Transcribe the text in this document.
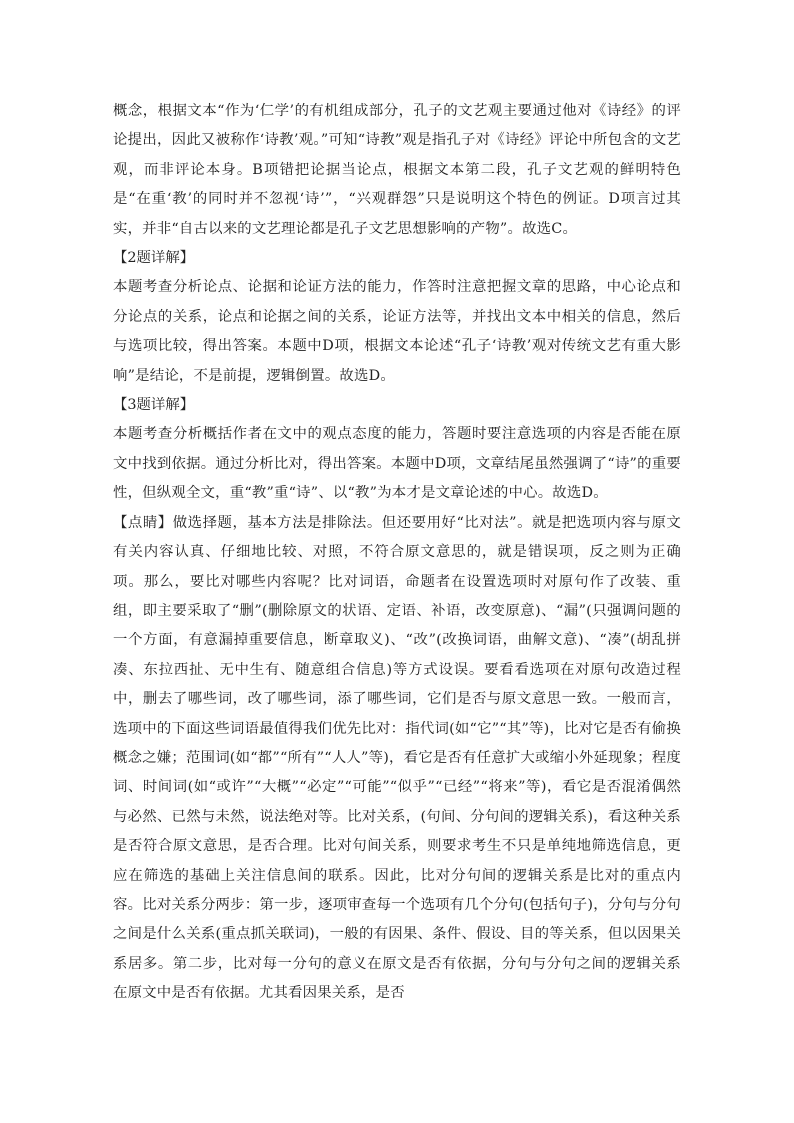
概念，根据文本“作为‘仁学’的有机组成部分，孔子的文艺观主要通过他对《诗经》的评论提出，因此又被称作‘诗教’观。”可知“诗教”观是指孔子对《诗经》评论中所包含的文艺观，而非评论本身。B项错把论据当论点，根据文本第二段，孔子文艺观的鲜明特色是“在重‘教’的同时并不忽视‘诗’”，“兴观群怨”只是说明这个特色的例证。D项言过其实，并非“自古以来的文艺理论都是孔子文艺思想影响的产物”。故选C。

【2题详解】

本题考查分析论点、论据和论证方法的能力，作答时注意把握文章的思路，中心论点和分论点的关系，论点和论据之间的关系，论证方法等，并找出文本中相关的信息，然后与选项比较，得出答案。本题中D项，根据文本论述“孔子‘诗教’观对传统文艺有重大影响”是结论，不是前提，逻辑倒置。故选D。

【3题详解】

本题考查分析概括作者在文中的观点态度的能力，答题时要注意选项的内容是否能在原文中找到依据。通过分析比对，得出答案。本题中D项，文章结尾虽然强调了“诗”的重要性，但纵观全文，重“教”重“诗”、以“教”为本才是文章论述的中心。故选D。

【点睛】做选择题，基本方法是排除法。但还要用好“比对法”。就是把选项内容与原文有关内容认真、仔细地比较、对照，不符合原文意思的，就是错误项，反之则为正确项。那么，要比对哪些内容呢？比对词语，命题者在设置选项时对原句作了改装、重组，即主要采取了“删”(删除原文的状语、定语、补语，改变原意)、“漏”(只强调问题的一个方面，有意漏掉重要信息，断章取义)、“改”(改换词语，曲解文意)、“凑”(胡乱拼凑、东拉西扯、无中生有、随意组合信息)等方式设误。要看看选项在对原句改造过程中，删去了哪些词，改了哪些词，添了哪些词，它们是否与原文意思一致。一般而言，选项中的下面这些词语最值得我们优先比对：指代词(如“它”“其”等)，比对它是否有偷换概念之嫌；范围词(如“都”“所有”“人人”等)，看它是否有任意扩大或缩小外延现象；程度词、时间词(如“或许”“大概”“必定”“可能”“似乎”“已经”“将来”等)，看它是否混淆偶然与必然、已然与未然，说法绝对等。比对关系，(句间、分句间的逻辑关系)，看这种关系是否符合原文意思，是否合理。比对句间关系，则要求考生不只是单纯地筛选信息，更应在筛选的基础上关注信息间的联系。因此，比对分句间的逻辑关系是比对的重点内容。比对关系分两步：第一步，逐项审查每一个选项有几个分句(包括句子)，分句与分句之间是什么关系(重点抓关联词)，一般的有因果、条件、假设、目的等关系，但以因果关系居多。第二步，比对每一分句的意义在原文是否有依据，分句与分句之间的逻辑关系在原文中是否有依据。尤其看因果关系，是否
